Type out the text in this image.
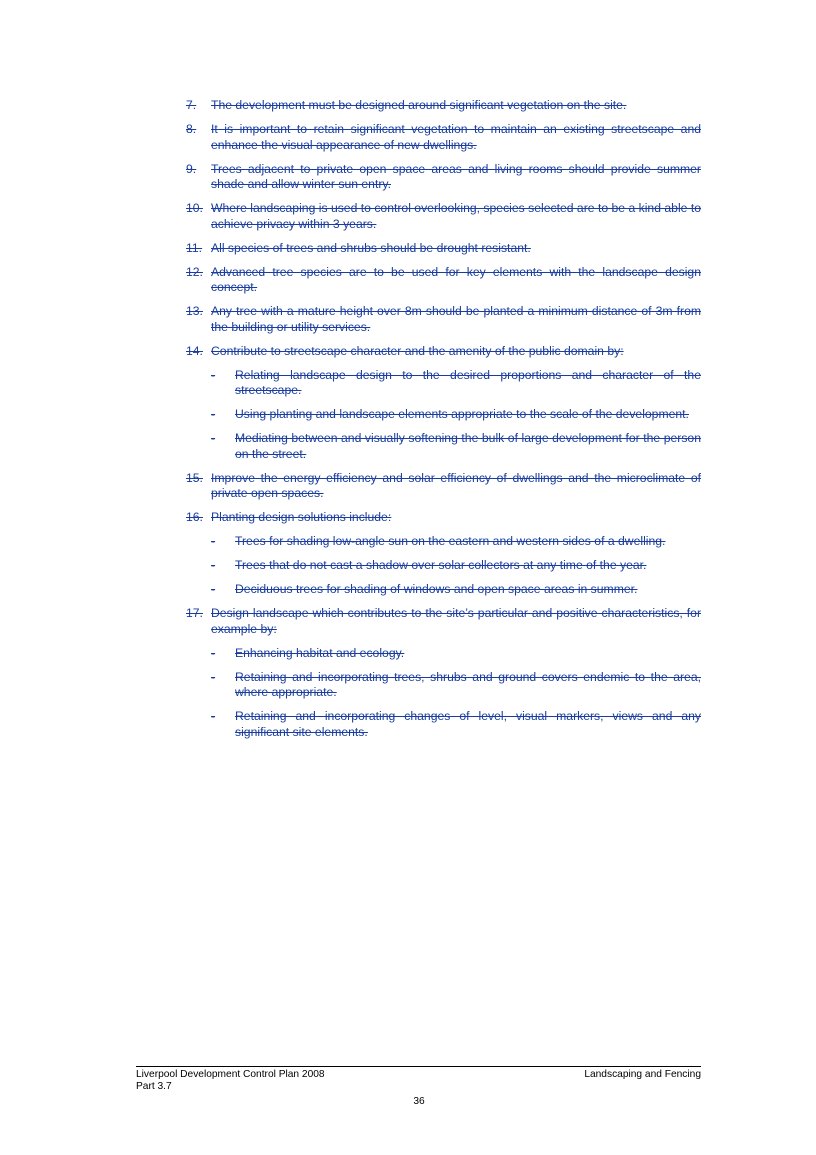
7.	The development must be designed around significant vegetation on the site.
8.	It is important to retain significant vegetation to maintain an existing streetscape and enhance the visual appearance of new dwellings.
9.	Trees adjacent to private open space areas and living rooms should provide summer shade and allow winter sun entry.
10. Where landscaping is used to control overlooking, species selected are to be a kind able to achieve privacy within 3 years.
11. All species of trees and shrubs should be drought resistant.
12. Advanced tree species are to be used for key elements with the landscape design concept.
13. Any tree with a mature height over 8m should be planted a minimum distance of 3m from the building or utility services.
14. Contribute to streetscape character and the amenity of the public domain by:
-	Relating landscape design to the desired proportions and character of the streetscape.
-	Using planting and landscape elements appropriate to the scale of the development.
-	Mediating between and visually softening the bulk of large development for the person on the street.
15. Improve the energy efficiency and solar efficiency of dwellings and the microclimate of private open spaces.
16. Planting design solutions include:
-	Trees for shading low-angle sun on the eastern and western sides of a dwelling.
-	Trees that do not cast a shadow over solar collectors at any time of the year.
-	Deciduous trees for shading of windows and open space areas in summer.
17. Design landscape which contributes to the site’s particular and positive characteristics, for example by:
-	Enhancing habitat and ecology.
-	Retaining and incorporating trees, shrubs and ground covers endemic to the area, where appropriate.
-	Retaining and incorporating changes of level, visual markers, views and any significant site elements.
Liverpool Development Control Plan 2008
Part 3.7
Landscaping and Fencing
36
